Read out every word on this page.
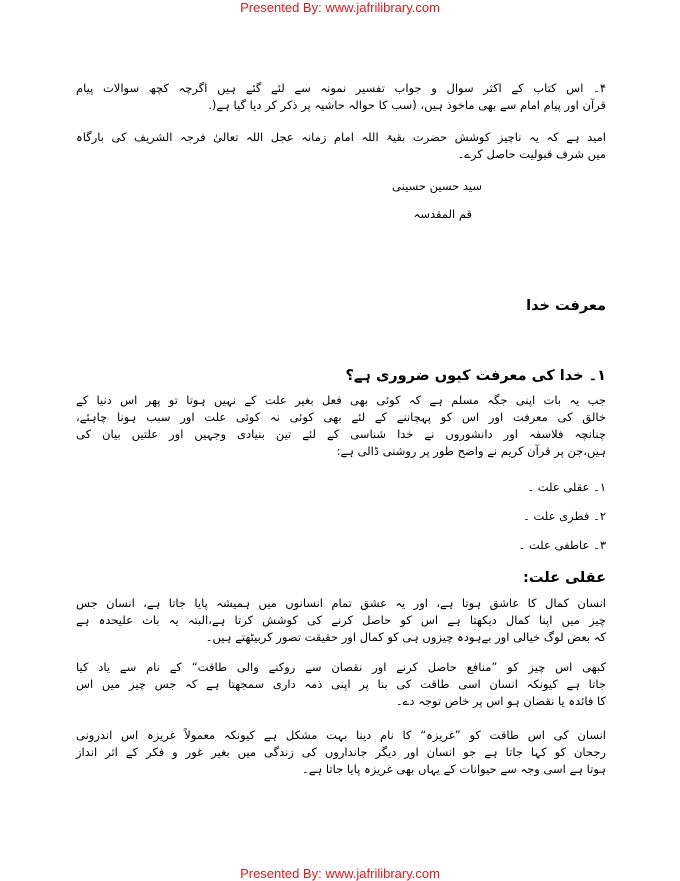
Presented By: www.jafrilibrary.com
۴۔ اس کتاب کے اکثر سوال و جواب تفسیر نمونہ سے لئے گئے ہیں اگرچہ کچھ سوالات پیام
قرآن اور پیام امام سے بھی ماخوذ ہیں، (سب کا حوالہ حاشیہ پر ذکر کر دیا گیا ہے(.
امید ہے کہ یہ ناچیز کوشش حضرت بقیۃ اللہ امام زمانہ عجل اللہ تعالیٰ فرجہ الشریف کی بارگاہ
میں شرف قبولیت حاصل کرے۔
سید حسین حسینی
قم المقدسہ
معرفت خدا
۱۔ خدا کی معرفت کیوں ضروری ہے؟
جب یہ بات اپنی جگہ مسلم ہے کہ کوئی بھی فعل بغیر علت کے نہیں ہوتا تو پھر اس دنیا کے
خالق کی معرفت اور اس کو پہچاننے کے لئے بھی کوئی نہ کوئی علت اور سبب ہونا چاہئے،
چنانچہ فلاسفہ اور دانشوروں نے خدا شناسی کے لئے تین بنیادی وجہیں اور علتیں بیان کی
ہیں،جن پر قرآن کریم نے واضح طور پر روشنی ڈالی ہے:
۱۔ عقلی علت ۔
۲۔ فطری علت ۔
۳۔ عاطفی علت ۔
عقلی علت:
انسان کمال کا عاشق ہوتا ہے، اور یہ عشق تمام انسانوں میں ہمیشہ پایا جاتا ہے، انسان جس
چیز میں اپنا کمال دیکھتا ہے اس کو حاصل کرنے کی کوشش کرتا ہے،البتہ یہ بات علیحدہ ہے
کہ بعض لوگ خیالی اور بےہودہ چیزوں ہی کو کمال اور حقیقت تصور کربیٹھتے ہیں۔
کبھی اس چیز کو ”منافع حاصل کرنے اور نقصان سے روکنے والی طاقت“ کے نام سے یاد کیا
جاتا ہے کیونکہ انسان اسی طاقت کی بنا پر اپنی ذمہ داری سمجھتا ہے کہ جس چیز میں اس
کا فائدہ یا نقصان ہو اس پر خاص توجہ دے۔
انسان کی اس طاقت کو ”غریزہ“ کا نام دینا بہت مشکل ہے کیونکہ معمولاً غریزہ اس اندرونی
رجحان کو کہا جاتا ہے جو انسان اور دیگر جانداروں کی زندگی میں بغیر غور و فکر کے اثر انداز
ہوتا ہے اسی وجہ سے حیوانات کے یہاں بھی غریزہ پایا جاتا ہے۔
Presented By: www.jafrilibrary.com
